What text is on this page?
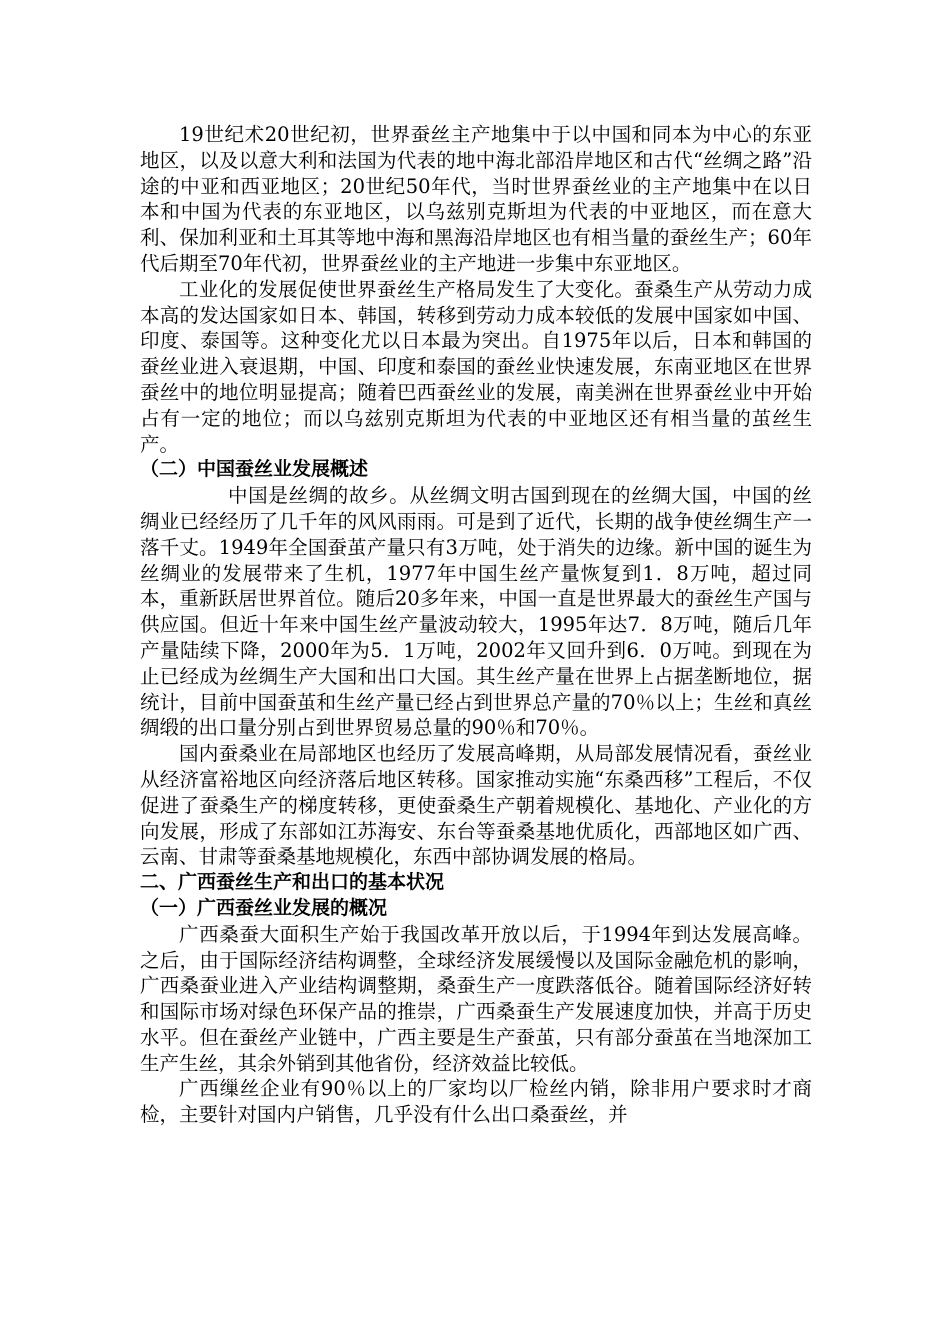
19世纪术20世纪初，世界蚕丝主产地集中于以中国和同本为中心的东亚地区，以及以意大利和法国为代表的地中海北部沿岸地区和古代“丝绸之路”沿途的中亚和西亚地区；20世纪50年代，当时世界蚕丝业的主产地集中在以日本和中国为代表的东亚地区，以乌兹别克斯坦为代表的中亚地区，而在意大利、保加利亚和土耳其等地中海和黑海沿岸地区也有相当量的蚕丝生产；60年代后期至70年代初，世界蚕丝业的主产地进一步集中东亚地区。

工业化的发展促使世界蚕丝生产格局发生了大变化。蚕桑生产从劳动力成本高的发达国家如日本、韩国，转移到劳动力成本较低的发展中国家如中国、印度、泰国等。这种变化尤以日本最为突出。自1975年以后，日本和韩国的蚕丝业进入衰退期，中国、印度和泰国的蚕丝业快速发展，东南亚地区在世界蚕丝中的地位明显提高；随着巴西蚕丝业的发展，南美洲在世界蚕丝业中开始占有一定的地位；而以乌兹别克斯坦为代表的中亚地区还有相当量的茧丝生产。

（二）中国蚕丝业发展概述

中国是丝绸的故乡。从丝绸文明古国到现在的丝绸大国，中国的丝绸业已经经历了几千年的风风雨雨。可是到了近代，长期的战争使丝绸生产一落千丈。1949年全国蚕茧产量只有3万吨，处于消失的边缘。新中国的诞生为丝绸业的发展带来了生机，1977年中国生丝产量恢复到1．8万吨，超过同本，重新跃居世界首位。随后20多年来，中国一直是世界最大的蚕丝生产国与供应国。但近十年来中国生丝产量波动较大，1995年达7．8万吨，随后几年产量陆续下降，2000年为5．1万吨，2002年又回升到6．0万吨。到现在为止已经成为丝绸生产大国和出口大国。其生丝产量在世界上占据垄断地位，据统计，目前中国蚕茧和生丝产量已经占到世界总产量的70％以上；生丝和真丝绸缎的出口量分别占到世界贸易总量的90％和70％。

国内蚕桑业在局部地区也经历了发展高峰期，从局部发展情况看，蚕丝业从经济富裕地区向经济落后地区转移。国家推动实施“东桑西移”工程后，不仅促进了蚕桑生产的梯度转移，更使蚕桑生产朝着规模化、基地化、产业化的方向发展，形成了东部如江苏海安、东台等蚕桑基地优质化，西部地区如广西、云南、甘肃等蚕桑基地规模化，东西中部协调发展的格局。

二、广西蚕丝生产和出口的基本状况
（一）广西蚕丝业发展的概况

广西桑蚕大面积生产始于我国改革开放以后，于1994年到达发展高峰。之后，由于国际经济结构调整，全球经济发展缓慢以及国际金融危机的影响，广西桑蚕业进入产业结构调整期，桑蚕生产一度跌落低谷。随着国际经济好转和国际市场对绿色环保产品的推崇，广西桑蚕生产发展速度加快，并高于历史水平。但在蚕丝产业链中，广西主要是生产蚕茧，只有部分蚕茧在当地深加工生产生丝，其余外销到其他省份，经济效益比较低。

广西缫丝企业有90％以上的厂家均以厂检丝内销，除非用户要求时才商检，主要针对国内户销售，几乎没有什么出口桑蚕丝，并
